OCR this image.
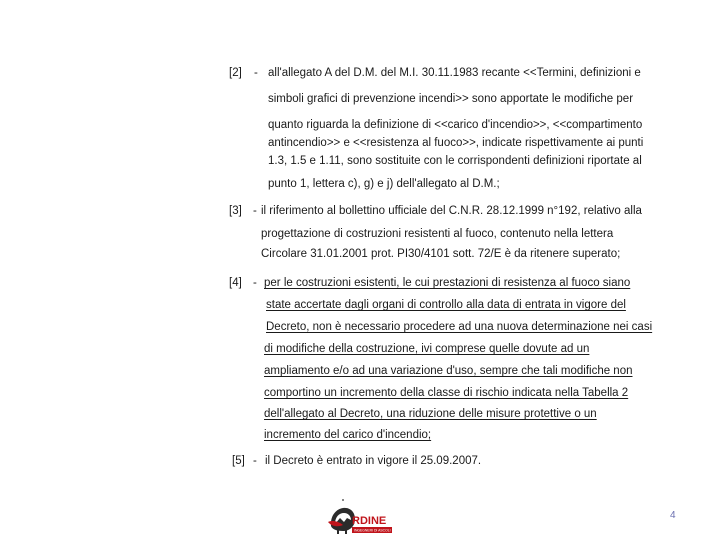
[2] - all'allegato A del D.M. del M.I. 30.11.1983 recante <<Termini, definizioni e
simboli grafici di prevenzione incendi>> sono apportate le modifiche per
quanto riguarda la definizione di <<carico d'incendio>>, <<compartimento
antincendio>> e <<resistenza al fuoco>>, indicate rispettivamente ai punti
1.3, 1.5 e 1.11, sono sostituite con le corrispondenti definizioni riportate al
punto 1, lettera c), g) e j) dell'allegato al D.M.;
[3] - il riferimento al bollettino ufficiale del C.N.R. 28.12.1999 n°192, relativo alla
progettazione di costruzioni resistenti al fuoco, contenuto nella lettera
Circolare 31.01.2001 prot. PI30/4101 sott. 72/E è da ritenere superato;
[4] - per le costruzioni esistenti, le cui prestazioni di resistenza al fuoco siano
state accertate dagli organi di controllo alla data di entrata in vigore del
Decreto, non è necessario procedere ad una nuova determinazione nei casi
di modifiche della costruzione, ivi comprese quelle dovute ad un
ampliamento e/o ad una variazione d'uso, sempre che tali modifiche non
comportino un incremento della classe di rischio indicata nella Tabella 2
dell'allegato al Decreto, una riduzione delle misure protettive o un
incremento del carico d'incendio;
[5] - il Decreto è entrato in vigore il 25.09.2007.
RDINE
INGEGNERI DI ASCOLI
4
